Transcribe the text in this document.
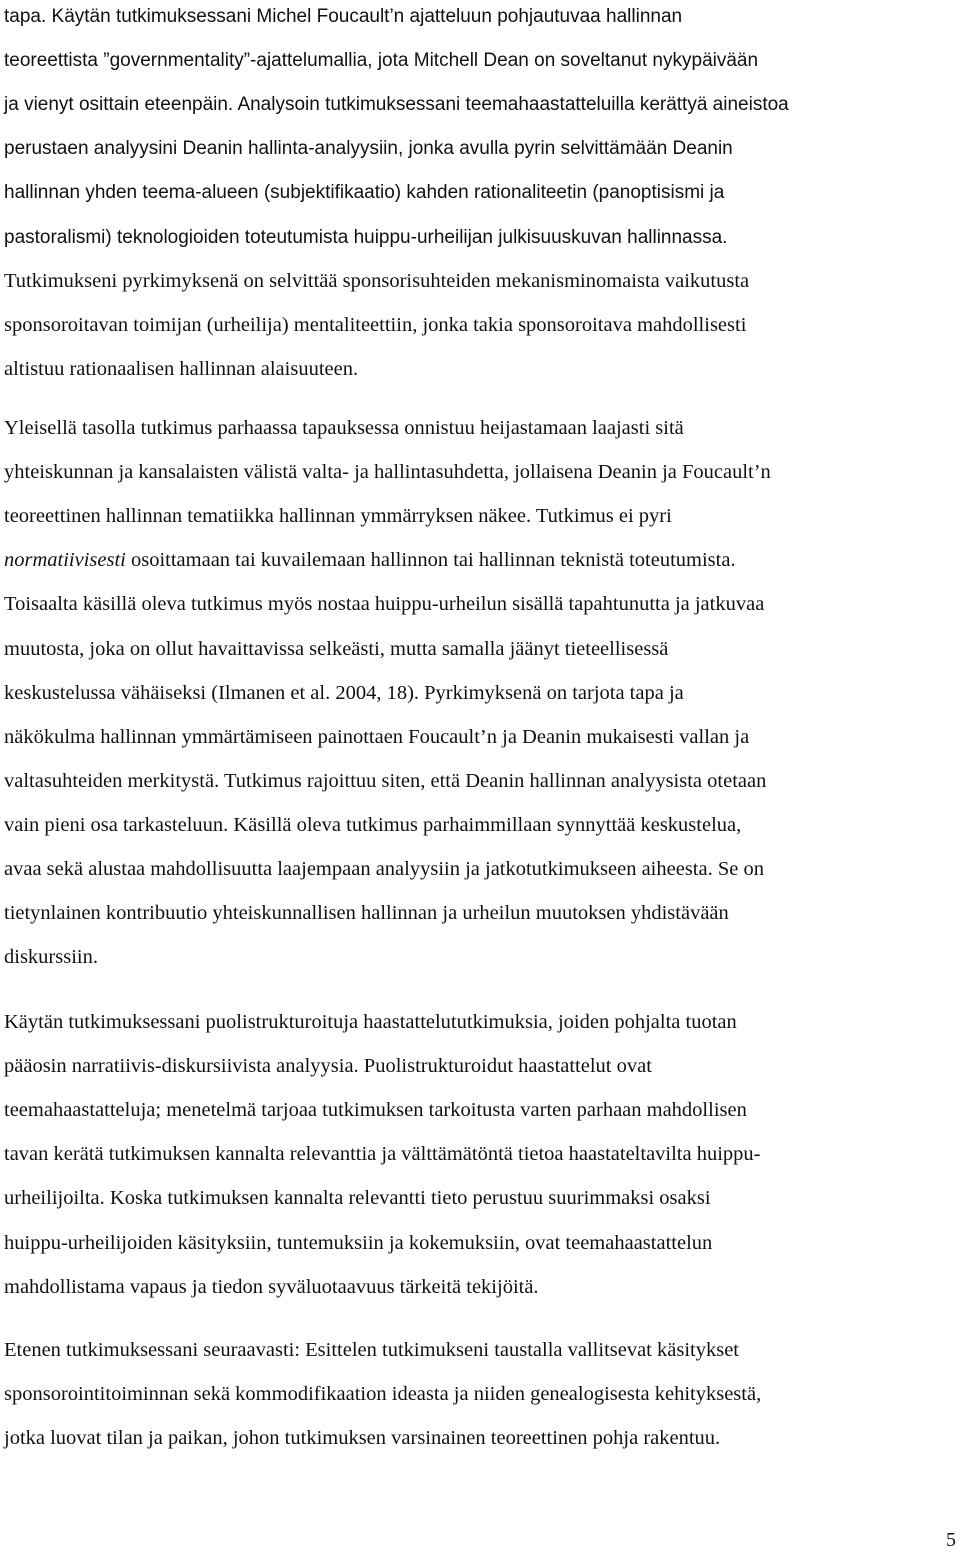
tapa. Käytän tutkimuksessani Michel Foucault’n ajatteluun pohjautuvaa hallinnan
teoreettista ”governmentality”-ajattelumallia, jota Mitchell Dean on soveltanut nykypäivään
ja vienyt osittain eteenpäin. Analysoin tutkimuksessani teemahaastatteluilla kerättyä aineistoa
perustaen analyysini Deanin hallinta-analyysiin, jonka avulla pyrin selvittämään Deanin
hallinnan yhden teema-alueen (subjektifikaatio) kahden rationaliteetin (panoptisismi ja
pastoralismi) teknologioiden toteutumista huippu-urheilijan julkisuuskuvan hallinnassa.
Tutkimukseni pyrkimyksenä on selvittää sponsorisuhteiden mekanisminomaista vaikutusta
sponsoroitavan toimijan (urheilija) mentaliteettiin, jonka takia sponsoroitava mahdollisesti
altistuu rationaalisen hallinnan alaisuuteen.
Yleisellä tasolla tutkimus parhaassa tapauksessa onnistuu heijastamaan laajasti sitä
yhteiskunnan ja kansalaisten välistä valta- ja hallintasuhdetta, jollaisena Deanin ja Foucault’n
teoreettinen hallinnan tematiikka hallinnan ymmärryksen näkee. Tutkimus ei pyri
normatiivisesti osoittamaan tai kuvailemaan hallinnon tai hallinnan teknistä toteutumista.
Toisaalta käsillä oleva tutkimus myös nostaa huippu-urheilun sisällä tapahtunutta ja jatkuvaa
muutosta, joka on ollut havaittavissa selkeästi, mutta samalla jäänyt tieteellisessä
keskustelussa vähäiseksi (Ilmanen et al. 2004, 18). Pyrkimyksenä on tarjota tapa ja
näkökulma hallinnan ymmärtämiseen painottaen Foucault’n ja Deanin mukaisesti vallan ja
valtasuhteiden merkitystä. Tutkimus rajoittuu siten, että Deanin hallinnan analyysista otetaan
vain pieni osa tarkasteluun. Käsillä oleva tutkimus parhaimmillaan synnyttää keskustelua,
avaa sekä alustaa mahdollisuutta laajempaan analyysiin ja jatkotutkimukseen aiheesta. Se on
tietynlainen kontribuutio yhteiskunnallisen hallinnan ja urheilun muutoksen yhdistävään
diskurssiin.
Käytän tutkimuksessani puolistrukturoituja haastattelututkimuksia, joiden pohjalta tuotan
pääosin narratiivis-diskursiivista analyysia. Puolistrukturoidut haastattelut ovat
teemahaastatteluja; menetelmä tarjoaa tutkimuksen tarkoitusta varten parhaan mahdollisen
tavan kerätä tutkimuksen kannalta relevanttia ja välttämätöntä tietoa haastateltavilta huippu-
urheilijoilta. Koska tutkimuksen kannalta relevantti tieto perustuu suurimmaksi osaksi
huippu-urheilijoiden käsityksiin, tuntemuksiin ja kokemuksiin, ovat teemahaastattelun
mahdollistama vapaus ja tiedon syväluotaavuus tärkeitä tekijöitä.
Etenen tutkimuksessani seuraavasti: Esittelen tutkimukseni taustalla vallitsevat käsitykset
sponsorointitoiminnan sekä kommodifikaation ideasta ja niiden genealogisesta kehityksestä,
jotka luovat tilan ja paikan, johon tutkimuksen varsinainen teoreettinen pohja rakentuu.
5
